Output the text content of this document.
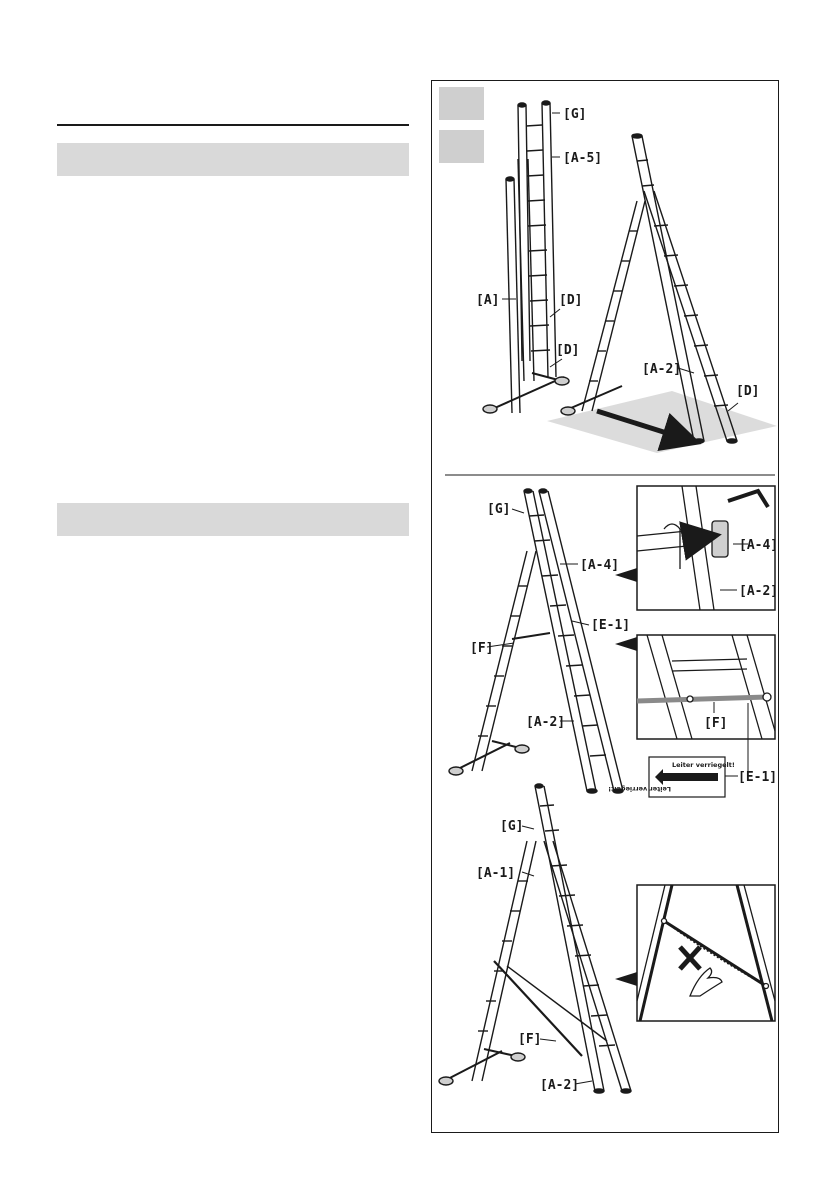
[G]
[A-5]
[A]	[D]
[D]
[A-2]
[D]
[G]
[A-4]
[E-1]
[F]
[A-2]
[A-4]
[A-2]
[F]
Leiter verriegelt!
Leiter verriegelt!
[E-1]
[G]
[A-1]
[F]
[A-2]
